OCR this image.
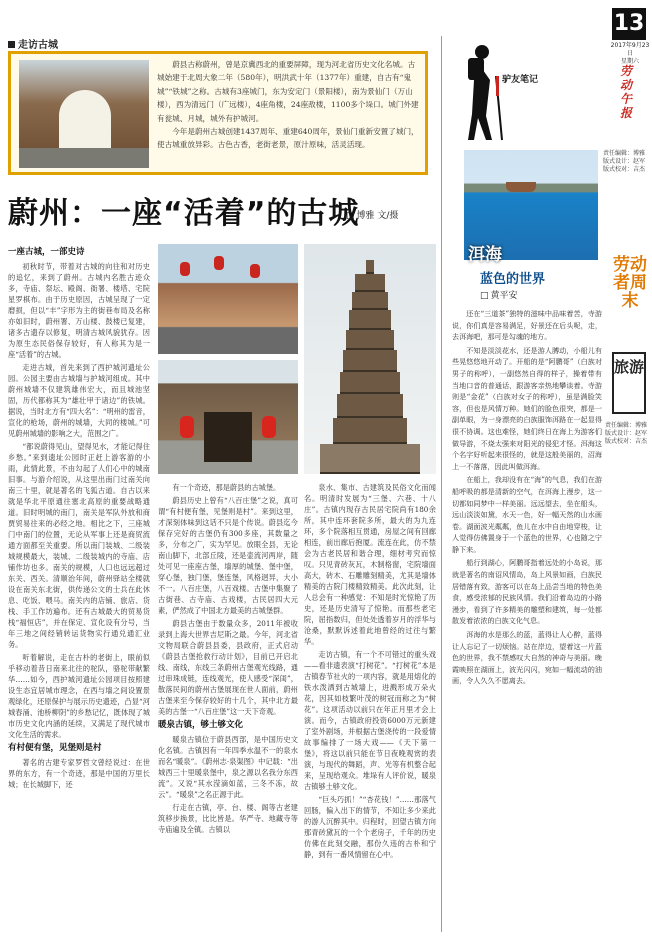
走访古城

蔚县古称蔚州，曾是京冀西北的重要屏障，现为河北省历史文化名城。古城始建于北周大象二年（580年），明洪武十年（1377年）重建，自古有“鬼城”“铁城”之称。古城有3座城门，东为安定门（景阳楼），南为景仙门（万山楼），西为清远门（广远楼），4座角楼，24座敌楼，1100多个垛口。城门外建有瓮城、月城，城外有护城河。

今年是蔚州古城创建1437周年、重建640周年，景仙门重新安置了城门，使古城重放异彩。古色古香，老街老景，原汁原味，活灵活现。

蔚州：一座“活着”的古城
□ 博雅 文/摄

一座古城，一部史诗

初秋时节，带着对古城的向往和对历史的追忆，来到了蔚州。古城内名胜古迹众多，寺庙、祭坛、殿阁、衙署、楼塔、宅院星罗棋布。由于历史原因，古城呈现了一定磨损，但以“丰”字形为主的街巷布局及名称亦如旧时，蔚州署、万山楼、鼓楼已复建，诸多古遗存以修复，明清古城风貌犹存。因为原生态民俗保存较好，有人称其为是一座“活着”的古城。

走进古城，首先来到了西护城河遗址公园。公园主要由古城墙与护城河组成。其中蔚州城墙不仅建筑雄伟宏大，而且城池坚固，历代都称其为“雄壮甲于诸边”的铁城。据说，当时北方有“四大名”：“明州的雷音，宣化的枪场，蔚州的城墙，大同的楼城。”可见蔚州城墙的影响之大，范围之广。

“都说蔚得见山，望得见水，才能记得住乡愁。”来到遗址公园时正赶上游客游的小雨，此情此景，不由勾起了人们心中的城南旧事。与游介绍说，从这里出南门过南关向南三十里，就是著名的飞狐古道。自古以来就是华北平原通往塞北高原的重要战略通道。旧时明城的南门，南关是军队外放和商贾贸易往来的必经之地。相比之下，三座城门中南门的位置，无论从军事上还是商贸流通方面都至关重要。所以南门装城、二级装城规模最大，装城、二级装城内的寺庙、店铺作坊也多。南关的规模，人口也远远超过东关、西关。清顺治年间，蔚州驿站全楼就设在南关东北街，供传递公文的士兵在此休息、吃饭、喂马。南关内的店铺、旅店、货栈、手工作坊遍布。还有古城最大的贸易货栈“福恒店”，并在保定、宣化设有分号，当年三地之间经销转运货物实行通兑通汇业务。

听着解说，走在古朴的老街上，眼前似乎移动着昔日南来北往的驼队，骆驼带献繁华……如今，西护城河遗址公园项目按照建设生态宜居城市理念，在西与墙之间设置景观绿化，还原保护与展示历史遗迹，凸显“河城春涌、池桥柳阴”的乡愁记忆，既体现了城市历史文化内涵的延续，又满足了现代城市文化生活的需求。

有村便有堡，见堡则是村

著名的古建专家罗哲文曾经说过：在世界的东方，有一个奇迹，那是中国的万里长城；在长城脚下，还

有一个奇迹，那是蔚县的古城堡。

蔚县历史上曾有“八百庄堡”之说，真可谓“有村便有堡，见堡则是村”。来到这里，才深刻体味到这话不只是个传说。蔚县迄今保存完好的古堡仍有300多座，其数量之多，分布之广，实为罕见。放眼全县，无论南山脚下，北部丘陵，还是壶流河两岸，随处可见一座座古堡，墙厚的城堡、堡中堡，穿心堡，独门堡，堡连堡，风格迥异，大小不一。八百庄堡，八百戏楼。古堡中集聚了古街巷、古寺庙、古戏楼，古民居四大元素，俨然成了中国北方最美的古城堡群。

蔚县古堡由于数量众多，2011年被收录到上海大世界吉尼斯之最。今年，河北省文物局联合蔚县县委，县政府，正式启动《蔚县古堡抢救行动计划》，目前已开启北线、南线，东线三条蔚州古堡观光线路，通过串珠成链，连线观光，使人感受“深闺”，散落民间的蔚州古堡展现在世人面前，蔚州古堡来至今保存较好的十几个，其中北方最美的古堡一“八百庄堡”这一天下奇观。

暖泉古镇，够土够文化

暖泉古镇位于蔚县西部，是中国历史文化名镇。古镇因有一年四季水温不一的泉水而名“暖泉”。《蔚州志·泉渠图》中记载：“出城西三十里暖泉堡中，泉之源以名我分东西流”。又说“其水滢滴如蓝，三冬不冻，故云”。“暖泉”之名正源于此。

行走在古镇，亭、台、楼、阁等古老建筑移步换景，比比皆是。华严寺、地藏寺等寺庙遍及全镇。古镇以

泉水、集市、古建筑及民俗文化而闻名。明清时发展为“三堡、六巷、十八庄”。古镇内现存古民居宅院尚有180余所，其中连环套院多所，最大的为九连环，多个院落相互贯通，房屋之间有回廊相连，前出廊后抱厦。流连在此，仿不禁会为古老民居和谐合理，细材考究而惊叹。只见青砖灰瓦，木制格窗，宅院墙面高大，砖木、石雕雕刻精美，尤其是墙体精美的古院门楼精致精美。此次此刻，让人总会有一种感觉：不知是时光惊艳了历史，还是历史清写了惊艳。而那些老宅院，屈指数归，但处处透着岁月的浮华与沧桑，默默诉述着此地曾经的过往与繁华。

走访古镇，有一个不可错过的重头戏——看非遗表演“打树花”。“打树花”本是古镇春节社火的一项内容，就是用熔化的铁水泼洒到古城墙上，进溅形成万朵火花，因其如枝繁叶茂的树冠而称之为“树花”。这项活动以前只在年正月里才会上演。而今，古镇政府投资6000万元新建了室外剧场，并根据古堡浇传的一段爱情故事编排了一场大戏——《天下第一堡》，将这以前只能在节日夜晚观赏的表演，与现代的舞蹈，声、光等有机整合起来，呈现给观众。堆垛有人评价说，暖泉古镇够土够文化。

“巨头巧抓！”“杏花钱！”……那落气回肠，偏入出下的情节，不知让多少来此的游人沉醉其中。归程时，回望古镇方向那青砖黛瓦的一个个老房子，千年的历史仿佛在此刻交融，那份久违的古朴和宁静，到有一番风情留在心中。

13
2017年9月23日
星期六
劳动午报
驴友笔记
洱海
蓝色的世界
□ 黄平安

还在“三道茶”独特的滋味中品味着苦，寺游说，你们真是容易满足，好景还在后头呢，走，去洱海吧，那可是勾魂的地方。

不知是淡淡花水，还是游人膊动，小船儿有些晃悠悠地开动了。开船的是“阿鹏哥”（白族对男子的称呼），一副悠然自得的样子，操着带有当地口音的普通话，跟游客亲热地攀谈着。寺游则是“金花”（白族对女子的称呼），虽是满脸笑容，但也是风情万种。她们的脸色很突，都是一副单眼，为一身漂亮的白族服饰洱路在一起显得很不协调。这也难怪，她们终日在海上为游客们做导游，不烧太强来对阳光的侵犯才怪。洱海这个名字好听起来很怪的，就是这般美丽的，沼海上一不落落，因此叫做洱海。

在船上，我却没有在“海”的气息，我们在游船呼吸的都是清新的空气，在洱海上漫步，这一切都如同梦中一样美丽。远远望去，坐在船头，远山淡淡如黛，水天一色，好一幅天然的山水画卷。湖面波光粼粼，鱼儿在水中自由地穿梭，让人觉得仿佛置身于一个蓝色的世界，心也随之宁静下来。

船行到湖心，阿鹏哥指着远处的小岛说，那就是著名的南诏风情岛，岛上风景如画，白族民居错落有致，游客可以在岛上品尝当地的特色美食，感受浓郁的民族风情。我们沿着岛边的小路漫步，看到了许多精美的雕塑和建筑，每一处都散发着浓浓的白族文化气息。

洱海的水是那么的蓝，蓝得让人心醉，蓝得让人忘记了一切烦恼。站在岸边，望着这一片蓝色的世界，我不禁感叹大自然的神奇与美丽。晚霞映照在湖面上，波光闪闪，宛如一幅流动的油画，令人久久不愿离去。

责任编辑：博雅
版式设计：赵军
版式校对：吉杰
劳动者周末
旅游
责任编辑：博雅
版式设计：赵军
版式校对：吉杰
